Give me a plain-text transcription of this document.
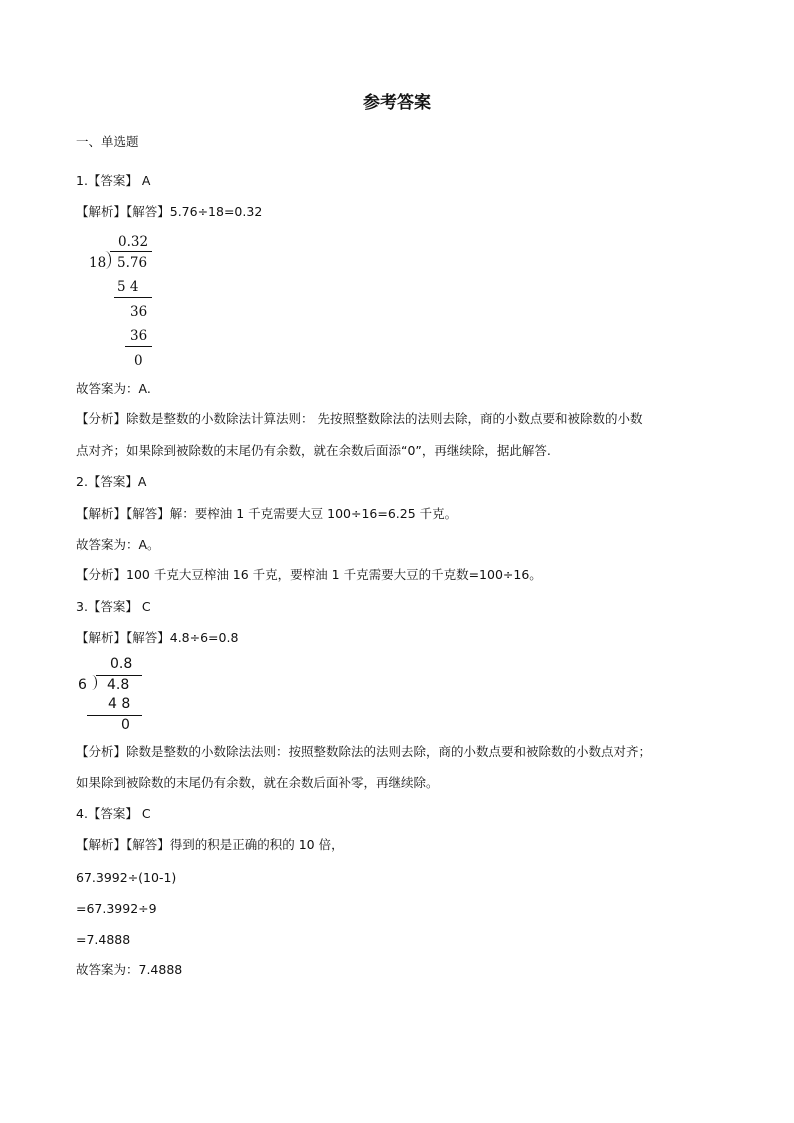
参考答案
一、单选题
1.【答案】 A
【解析】【解答】5.76÷18=0.32
0.32
18 5.76
5 4
36
36
0
故答案为：A.
【分析】除数是整数的小数除法计算法则： 先按照整数除法的法则去除，商的小数点要和被除数的小数
点对齐；如果除到被除数的末尾仍有余数，就在余数后面添“0”，再继续除，据此解答.
2.【答案】A
【解析】【解答】解：要榨油 1 千克需要大豆 100÷16=6.25 千克。
故答案为：A。
【分析】100 千克大豆榨油 16 千克，要榨油 1 千克需要大豆的千克数=100÷16。
3.【答案】 C
【解析】【解答】4.8÷6=0.8
0.8
6 4.8
4 8
0
【分析】除数是整数的小数除法法则：按照整数除法的法则去除，商的小数点要和被除数的小数点对齐；
如果除到被除数的末尾仍有余数，就在余数后面补零，再继续除。
4.【答案】 C
【解析】【解答】得到的积是正确的积的 10 倍，
67.3992÷(10-1)
=67.3992÷9
=7.4888
故答案为：7.4888
